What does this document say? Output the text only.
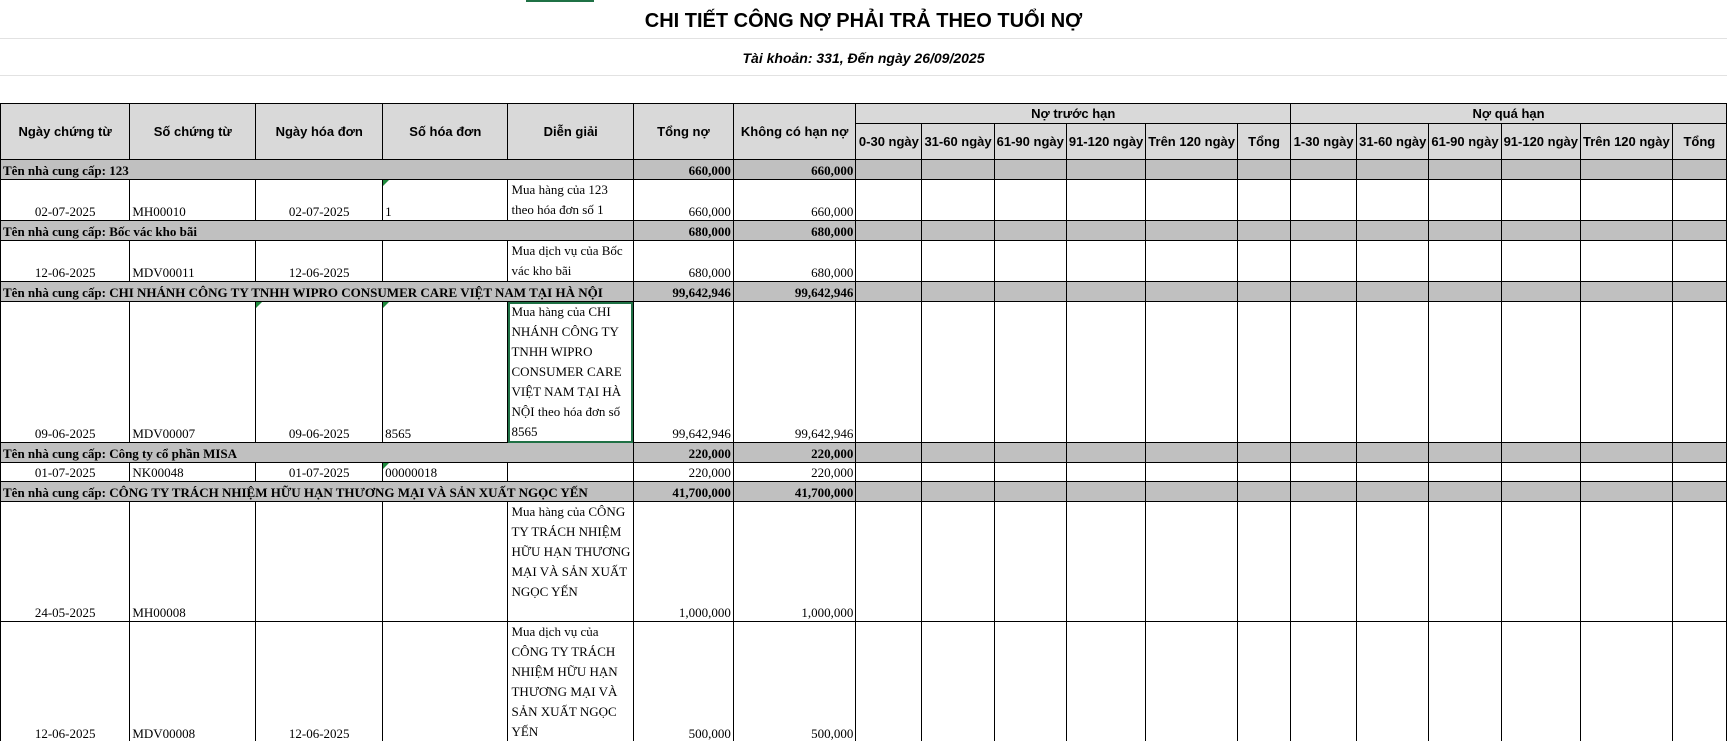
CHI TIẾT CÔNG NỢ PHẢI TRẢ THEO TUỔI NỢ
Tài khoản: 331, Đến ngày 26/09/2025
Ngày chứng từ	Số chứng từ	Ngày hóa đơn	Số hóa đơn	Diễn giải	Tổng nợ	Không có hạn nợ	Nợ trước hạn						Nợ quá hạn					
							0-30 ngày	31-60 ngày	61-90 ngày	91-120 ngày	Trên 120 ngày	Tổng	1-30 ngày	31-60 ngày	61-90 ngày	91-120 ngày	Trên 120 ngày	Tổng
Tên nhà cung cấp: 123					660,000	660,000												
02-07-2025	MH00010	02-07-2025	1	Mua hàng của 123 theo hóa đơn số 1	660,000	660,000												
Tên nhà cung cấp: Bốc vác kho bãi					680,000	680,000												
12-06-2025	MDV00011	12-06-2025		Mua dịch vụ của Bốc vác kho bãi	680,000	680,000												
Tên nhà cung cấp: CHI NHÁNH CÔNG TY TNHH WIPRO CONSUMER CARE VIỆT NAM TẠI HÀ NỘI					99,642,946	99,642,946												
09-06-2025	MDV00007	09-06-2025	8565	Mua hàng của CHI NHÁNH CÔNG TY TNHH WIPRO CONSUMER CARE VIỆT NAM TẠI HÀ NỘI theo hóa đơn số 8565	99,642,946	99,642,946												
Tên nhà cung cấp: Công ty cổ phần MISA					220,000	220,000												
01-07-2025	NK00048	01-07-2025	00000018		220,000	220,000												
Tên nhà cung cấp: CÔNG TY TRÁCH NHIỆM HỮU HẠN THƯƠNG MẠI VÀ SẢN XUẤT NGỌC YẾN					41,700,000	41,700,000												
24-05-2025	MH00008			Mua hàng của CÔNG TY TRÁCH NHIỆM HỮU HẠN THƯƠNG MẠI VÀ SẢN XUẤT NGỌC YẾN	1,000,000	1,000,000												
12-06-2025	MDV00008	12-06-2025		Mua dịch vụ của CÔNG TY TRÁCH NHIỆM HỮU HẠN THƯƠNG MẠI VÀ SẢN XUẤT NGỌC YẾN	500,000	500,000												
